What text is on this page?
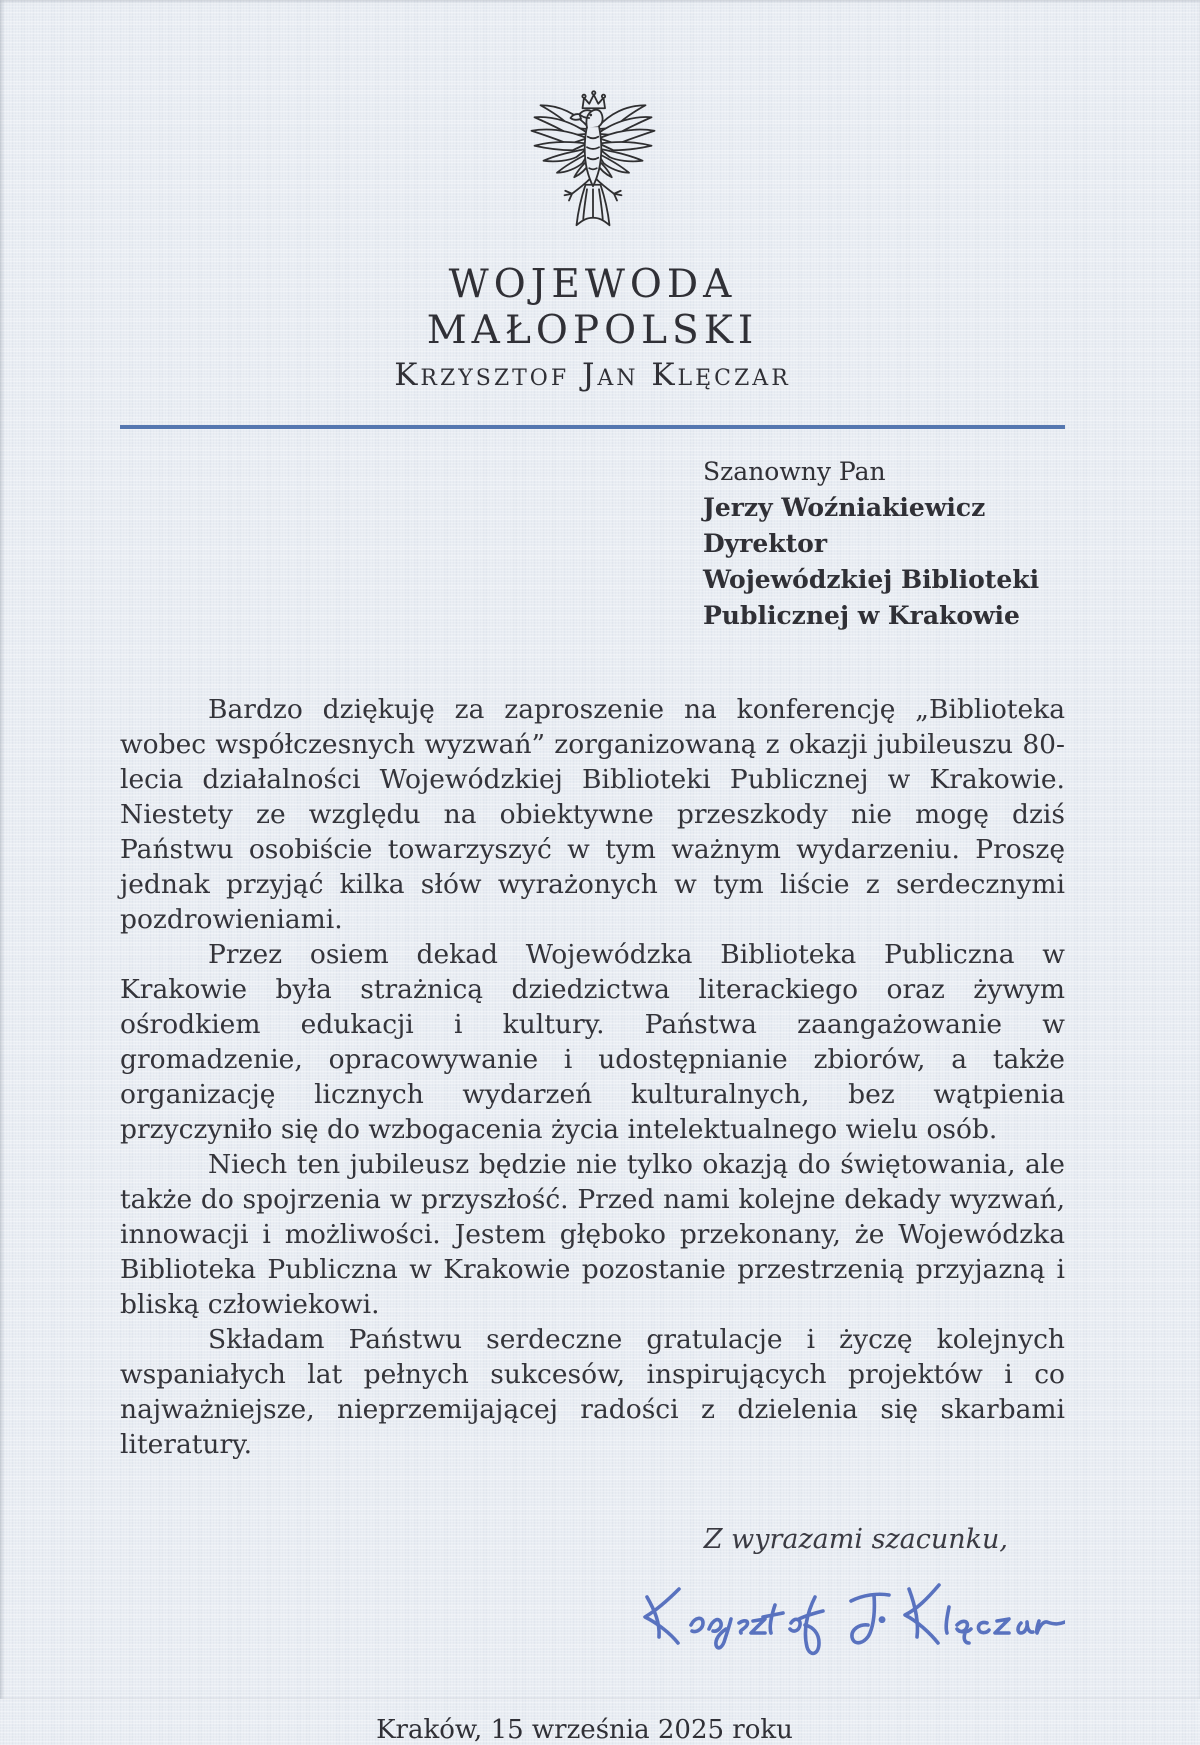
WOJEWODA
MAŁOPOLSKI
Krzysztof Jan Klęczar
Szanowny Pan
Jerzy Woźniakiewicz
Dyrektor
Wojewódzkiej Biblioteki
Publicznej w Krakowie

Bardzo dziękuję za zaproszenie na konferencję „Biblioteka wobec współczesnych wyzwań” zorganizowaną z okazji jubileuszu 80-lecia działalności Wojewódzkiej Biblioteki Publicznej w Krakowie. Niestety ze względu na obiektywne przeszkody nie mogę dziś Państwu osobiście towarzyszyć w tym ważnym wydarzeniu. Proszę jednak przyjąć kilka słów wyrażonych w tym liście z serdecznymi pozdrowieniami.

Przez osiem dekad Wojewódzka Biblioteka Publiczna w Krakowie była strażnicą dziedzictwa literackiego oraz żywym ośrodkiem edukacji i kultury. Państwa zaangażowanie w gromadzenie, opracowywanie i udostępnianie zbiorów, a także organizację licznych wydarzeń kulturalnych, bez wątpienia przyczyniło się do wzbogacenia życia intelektualnego wielu osób.

Niech ten jubileusz będzie nie tylko okazją do świętowania, ale także do spojrzenia w przyszłość. Przed nami kolejne dekady wyzwań, innowacji i możliwości. Jestem głęboko przekonany, że Wojewódzka Biblioteka Publiczna w Krakowie pozostanie przestrzenią przyjazną i bliską człowiekowi.

Składam Państwu serdeczne gratulacje i życzę kolejnych wspaniałych lat pełnych sukcesów, inspirujących projektów i co najważniejsze, nieprzemijającej radości z dzielenia się skarbami literatury.

Z wyrazami szacunku,
Kraków, 15 września 2025 roku
